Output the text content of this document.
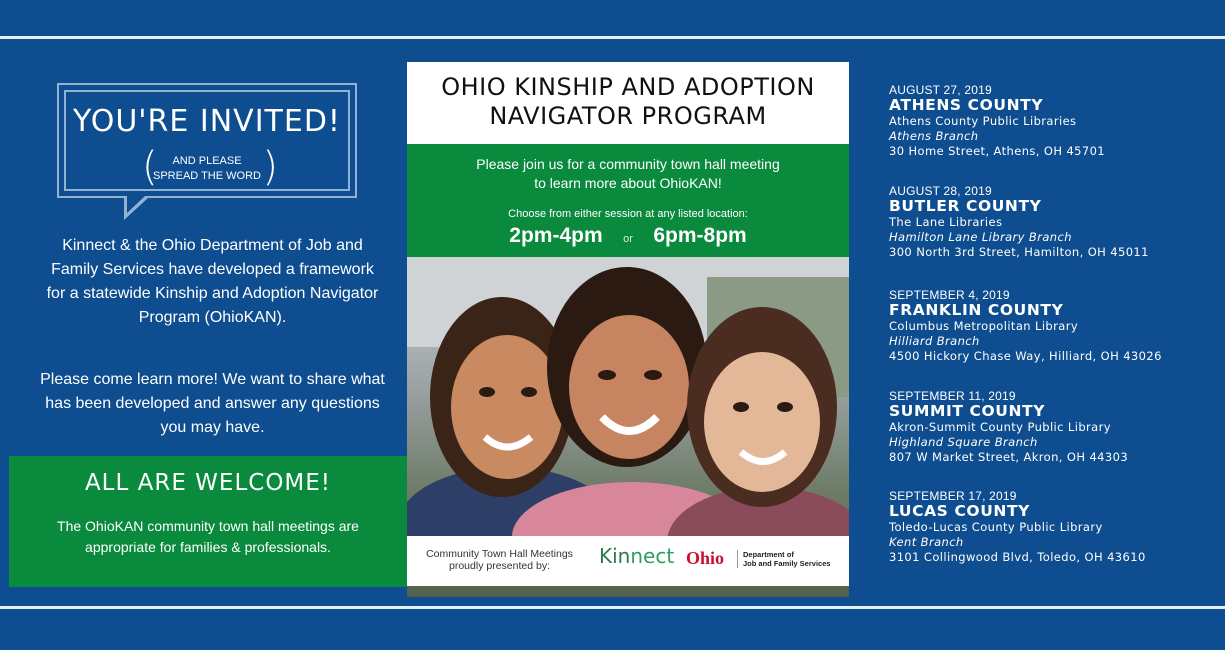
YOU'RE INVITED!
(	AND PLEASE
SPREAD THE WORD )
Kinnect & the Ohio Department of Job and Family Services have developed a framework for a statewide Kinship and Adoption Navigator Program (OhioKAN).
Please come learn more! We want to share what has been developed and answer any questions you may have.
ALL ARE WELCOME!
The OhioKAN community town hall meetings are appropriate for families & professionals.
OHIO KINSHIP AND ADOPTION
NAVIGATOR PROGRAM
Please join us for a community town hall meeting
to learn more about OhioKAN!
Choose from either session at any listed location:
2pm-4pm or 6pm-8pm
Community Town Hall Meetings
proudly presented by:	Kinnect Ohio	Department of
Job and Family Services
AUGUST 27, 2019
ATHENS COUNTY
Athens County Public Libraries
Athens Branch
30 Home Street, Athens, OH 45701
AUGUST 28, 2019
BUTLER COUNTY
The Lane Libraries
Hamilton Lane Library Branch
300 North 3rd Street, Hamilton, OH 45011
SEPTEMBER 4, 2019
FRANKLIN COUNTY
Columbus Metropolitan Library
Hilliard Branch
4500 Hickory Chase Way, Hilliard, OH 43026
SEPTEMBER 11, 2019
SUMMIT COUNTY
Akron-Summit County Public Library
Highland Square Branch
807 W Market Street, Akron, OH 44303
SEPTEMBER 17, 2019
LUCAS COUNTY
Toledo-Lucas County Public Library
Kent Branch
3101 Collingwood Blvd, Toledo, OH 43610
